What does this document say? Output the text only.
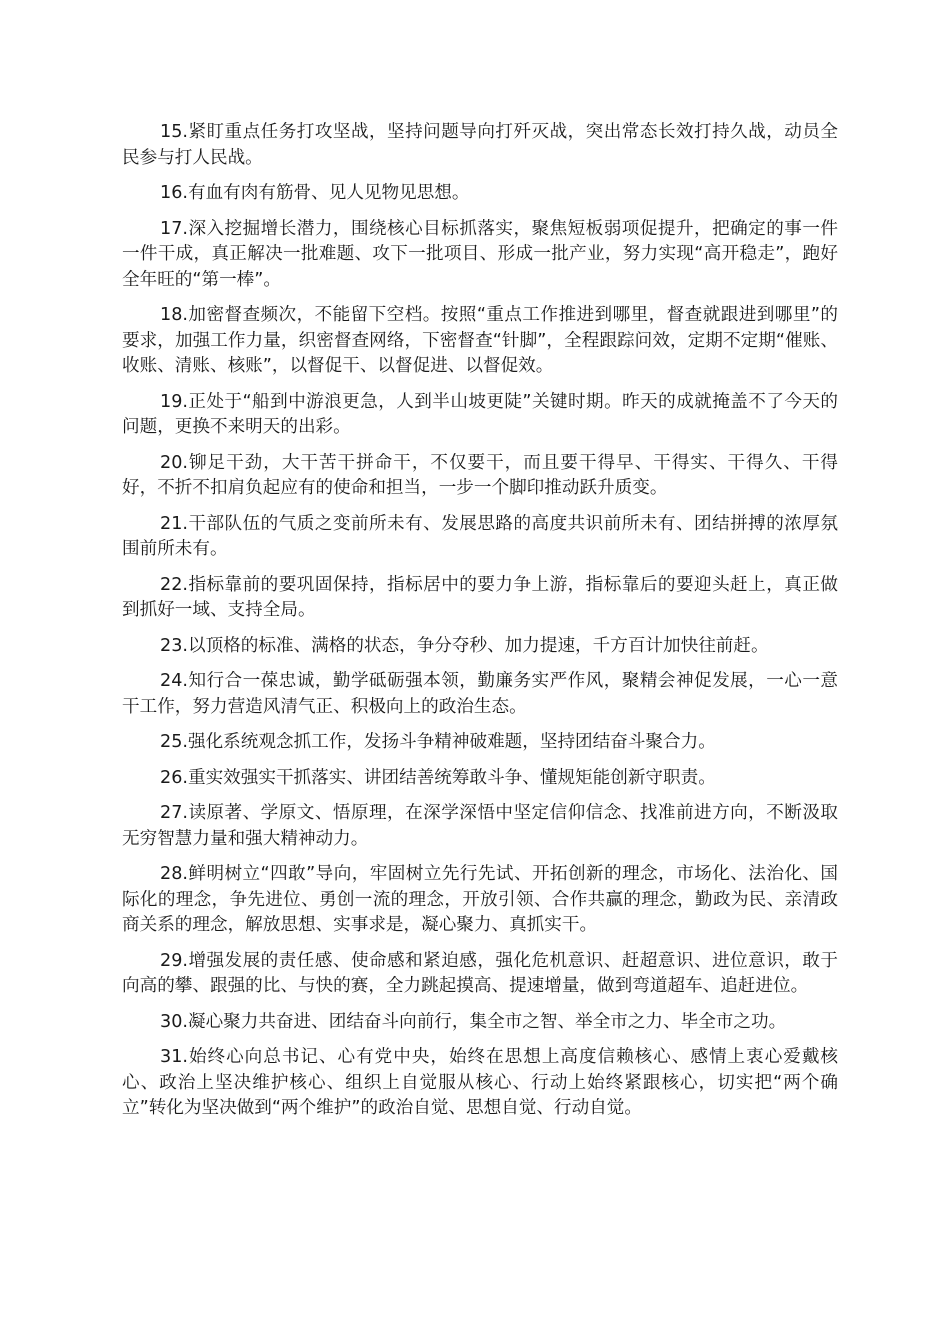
15.紧盯重点任务打攻坚战，坚持问题导向打歼灭战，突出常态长效打持久战，动员全民参与打人民战。

16.有血有肉有筋骨、见人见物见思想。

17.深入挖掘增长潜力，围绕核心目标抓落实，聚焦短板弱项促提升，把确定的事一件一件干成，真正解决一批难题、攻下一批项目、形成一批产业，努力实现“高开稳走”，跑好全年旺的“第一棒”。

18.加密督查频次，不能留下空档。按照“重点工作推进到哪里，督查就跟进到哪里”的要求，加强工作力量，织密督查网络，下密督查“针脚”，全程跟踪问效，定期不定期“催账、收账、清账、核账”，以督促干、以督促进、以督促效。

19.正处于“船到中游浪更急，人到半山坡更陡”关键时期。昨天的成就掩盖不了今天的问题，更换不来明天的出彩。

20.铆足干劲，大干苦干拼命干，不仅要干，而且要干得早、干得实、干得久、干得好，不折不扣肩负起应有的使命和担当，一步一个脚印推动跃升质变。

21.干部队伍的气质之变前所未有、发展思路的高度共识前所未有、团结拼搏的浓厚氛围前所未有。

22.指标靠前的要巩固保持，指标居中的要力争上游，指标靠后的要迎头赶上，真正做到抓好一域、支持全局。

23.以顶格的标准、满格的状态，争分夺秒、加力提速，千方百计加快往前赶。

24.知行合一葆忠诚，勤学砥砺强本领，勤廉务实严作风，聚精会神促发展，一心一意干工作，努力营造风清气正、积极向上的政治生态。

25.强化系统观念抓工作，发扬斗争精神破难题，坚持团结奋斗聚合力。

26.重实效强实干抓落实、讲团结善统筹敢斗争、懂规矩能创新守职责。

27.读原著、学原文、悟原理，在深学深悟中坚定信仰信念、找准前进方向，不断汲取无穷智慧力量和强大精神动力。

28.鲜明树立“四敢”导向，牢固树立先行先试、开拓创新的理念，市场化、法治化、国际化的理念，争先进位、勇创一流的理念，开放引领、合作共赢的理念，勤政为民、亲清政商关系的理念，解放思想、实事求是，凝心聚力、真抓实干。

29.增强发展的责任感、使命感和紧迫感，强化危机意识、赶超意识、进位意识，敢于向高的攀、跟强的比、与快的赛，全力跳起摸高、提速增量，做到弯道超车、追赶进位。

30.凝心聚力共奋进、团结奋斗向前行，集全市之智、举全市之力、毕全市之功。

31.始终心向总书记、心有党中央，始终在思想上高度信赖核心、感情上衷心爱戴核心、政治上坚决维护核心、组织上自觉服从核心、行动上始终紧跟核心，切实把“两个确立”转化为坚决做到“两个维护”的政治自觉、思想自觉、行动自觉。
